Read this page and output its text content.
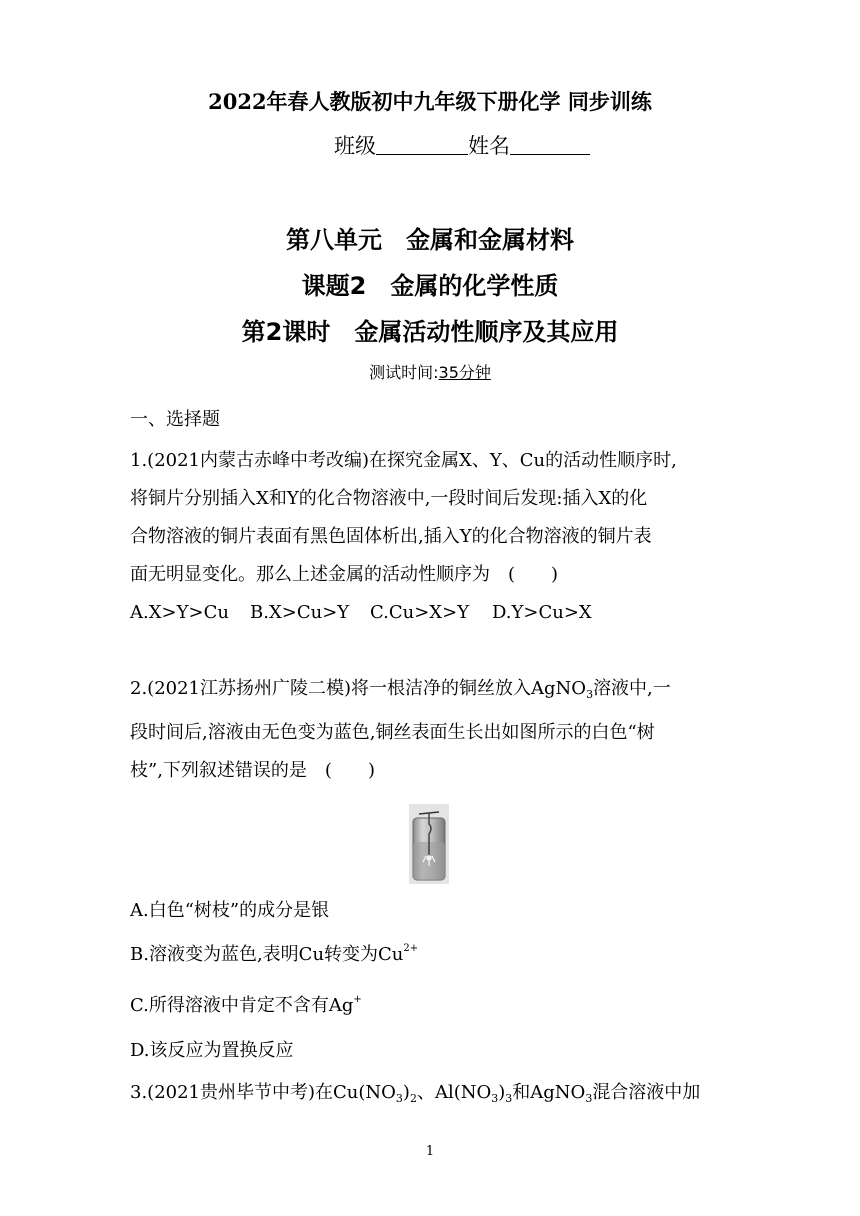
2022年春人教版初中九年级下册化学 同步训练
班级	姓名
第八单元　金属和金属材料
课题2　金属的化学性质
第2课时　金属活动性顺序及其应用
测试时间:35分钟
一、选择题
1.(2021内蒙古赤峰中考改编)在探究金属X、Y、Cu的活动性顺序时,
将铜片分别插入X和Y的化合物溶液中,一段时间后发现:插入X的化
合物溶液的铜片表面有黑色固体析出,插入Y的化合物溶液的铜片表
面无明显变化。那么上述金属的活动性顺序为　(　　)
A.X>Y>Cu B.X>Cu>Y C.Cu>X>Y D.Y>Cu>X
2.(2021江苏扬州广陵二模)将一根洁净的铜丝放入AgNO$_3$溶液中,一
段时间后,溶液由无色变为蓝色,铜丝表面生长出如图所示的白色“树
枝”,下列叙述错误的是　(　　)
A.白色“树枝”的成分是银
B.溶液变为蓝色,表明Cu转变为$Cu^{2+}$
C.所得溶液中肯定不含有Ag+
D.该反应为置换反应
3.(2021贵州毕节中考)在$Cu(NO_3)_2$、$Al(NO_3)_3$和AgNO$_3$混合溶液中加
1
